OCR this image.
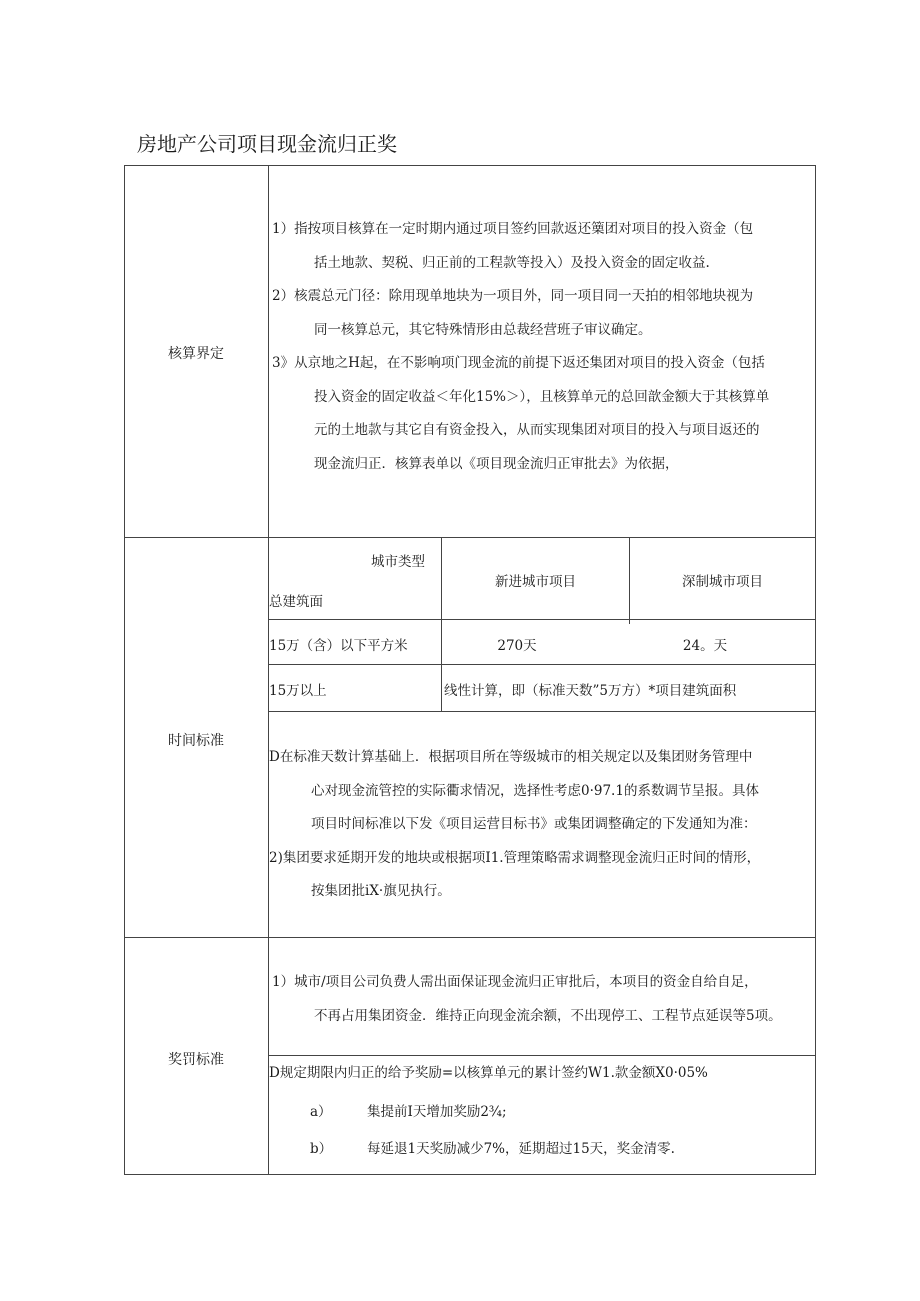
房地产公司项目现金流归正奖
核算界定
1）指按项目核算在一定时期内通过项目签约回款返还篥团对项目的投入资金（包
括土地款、契税、归正前的工程款等投入）及投入资金的固定收益.
2）核震总元门径：除用现单地块为一项目外，同一项目同一天拍的相邻地块视为
同一核算总元，其它特殊情形由总裁经营班子审议确定。
3》从京地之H起，在不影响项门现金流的前提下返还集团对项目的投入资金（包括
投入资金的固定收益＜年化15%＞），且核算单元的总回歆金额大于其核算单
元的土地款与其它自有资金投入，从而实现集团对项目的投入与项目返还的
现金流归正．核算表单以《项目现金流归正审批去》为依据，
时间标准
城市类型
总建筑面
新进城市项目	深制城市项目
15万（含）以下平方米	270天	24。天
15万以上	线性计算，即（标准天数”5万方）*项目建筑面积
D在标准天数计算基础上．根据项目所在等级城市的相关规定以及集团财务管理中
心对现金流管控的实际衢求情况，选择性考虑0·97.1的系数调节呈报。具体
项目时间标准以下发《项目运营目标书》或集团调整确定的下发通知为准：
2)集团要求延期开发的地块或根据项I1.管理策略需求调整现金流归正时间的情形，
按集团批iX·旗见执行。
奖罚标准
1）城市/项目公司负费人需出面保证现金流归正审批后，本项目的资金自给自足，
不再占用集团资金．维持正向现金流余额，不出现停工、工程节点延误等5项。
D规定期限内归正的给予奖励=以核算单元的累计签约W1.款金额X0·05%
a）	集提前I天增加奖励2¾;
b）	每延退1天奖励减少7%，延期超过15天，奖金清零.
